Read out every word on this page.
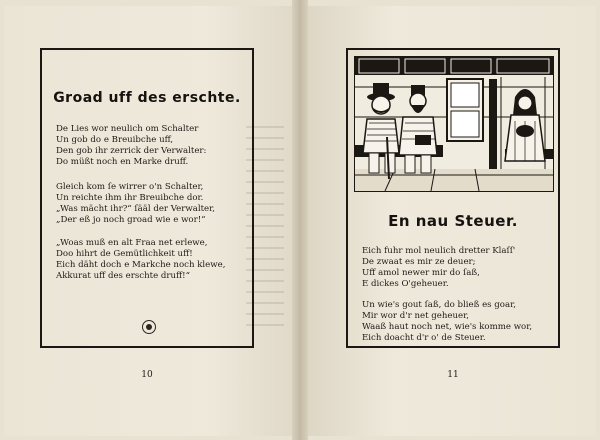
Groad uff des erschte.
De Lies wor neulich om Schalter
Un gob do e Breuibche uff,
Den gob ihr zerrick der Verwalter:
Do müßt noch en Marke druff.
Gleich kom ſe wirrer o'n Schalter,
Un reichte ihm ihr Breuibche dor.
„Was mächt ihr?“ ſääl der Verwalter,
„Der eß jo noch groad wie e wor!“
„Woas muß en alt Fraa net erlewe,
Doo hihrt de Gemütlichkeit uff!
Eich däht doch e Markche noch klewe,
Akkurat uff des erschte druff!“
10
En nau Steuer.
Eich fuhr mol neulich dretter Klaſſ'
De zwaat es mir ze deuer;
Uff amol newer mir do ſaß,
E dickes O'geheuer.
Un wie's gout ſaß, do bließ es goar,
Mir wor d'r net geheuer,
Waaß haut noch net, wie's komme wor,
Eich doacht d'r o' de Steuer.
11
